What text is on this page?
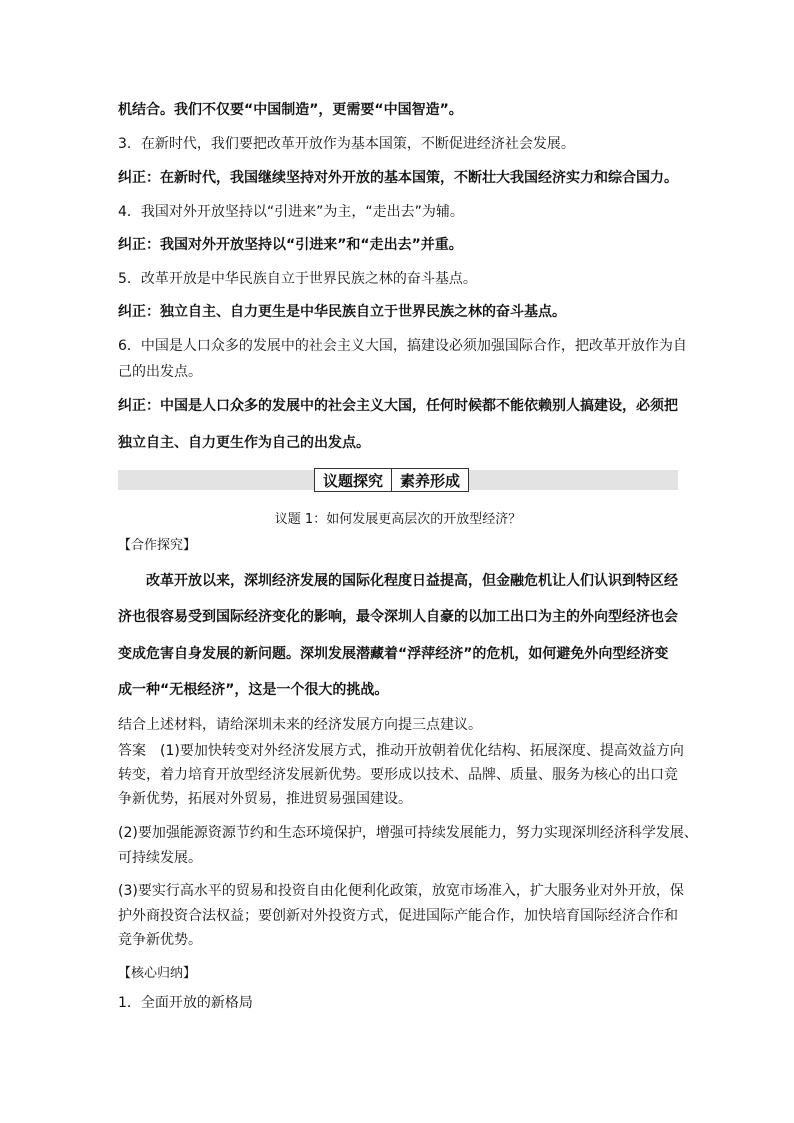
机结合。我们不仅要“中国制造”，更需要“中国智造”。
3．在新时代，我们要把改革开放作为基本国策，不断促进经济社会发展。
纠正：在新时代，我国继续坚持对外开放的基本国策，不断壮大我国经济实力和综合国力。
4．我国对外开放坚持以“引进来”为主，“走出去”为辅。
纠正：我国对外开放坚持以“引进来”和“走出去”并重。
5．改革开放是中华民族自立于世界民族之林的奋斗基点。
纠正：独立自主、自力更生是中华民族自立于世界民族之林的奋斗基点。
6．中国是人口众多的发展中的社会主义大国，搞建设必须加强国际合作，把改革开放作为自
己的出发点。
纠正：中国是人口众多的发展中的社会主义大国，任何时候都不能依赖别人搞建设，必须把
独立自主、自力更生作为自己的出发点。
议题探究	素养形成
议题 1：如何发展更高层次的开放型经济？
【合作探究】
改革开放以来，深圳经济发展的国际化程度日益提高，但金融危机让人们认识到特区经
济也很容易受到国际经济变化的影响，最令深圳人自豪的以加工出口为主的外向型经济也会
变成危害自身发展的新问题。深圳发展潜藏着“浮萍经济”的危机，如何避免外向型经济变
成一种“无根经济”，这是一个很大的挑战。
结合上述材料，请给深圳未来的经济发展方向提三点建议。
答案　(1)要加快转变对外经济发展方式，推动开放朝着优化结构、拓展深度、提高效益方向
转变，着力培育开放型经济发展新优势。要形成以技术、品牌、质量、服务为核心的出口竞
争新优势，拓展对外贸易，推进贸易强国建设。
(2)要加强能源资源节约和生态环境保护，增强可持续发展能力，努力实现深圳经济科学发展、
可持续发展。
(3)要实行高水平的贸易和投资自由化便利化政策，放宽市场准入，扩大服务业对外开放，保
护外商投资合法权益；要创新对外投资方式，促进国际产能合作，加快培育国际经济合作和
竞争新优势。
【核心归纳】
1．全面开放的新格局
